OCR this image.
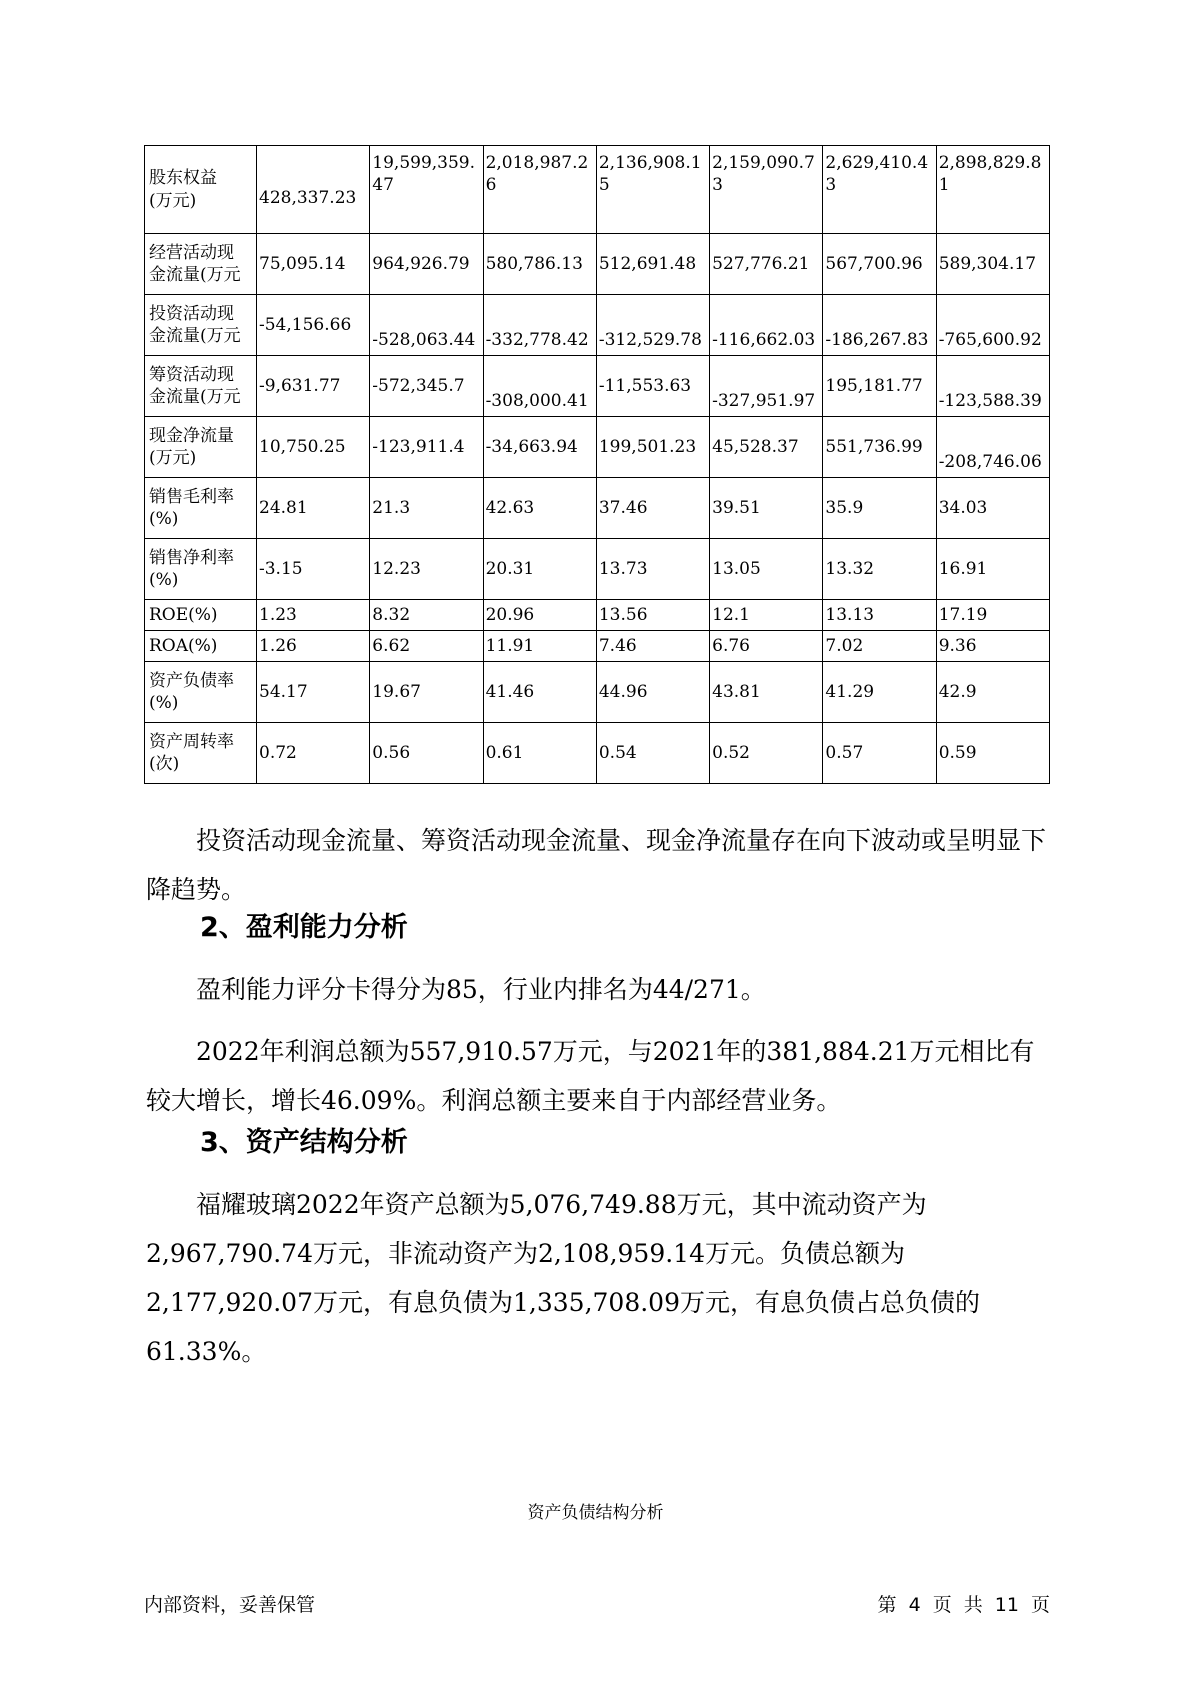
股东权益
(万元)	428,337.23	19,599,359.47	2,018,987.26	2,136,908.15	2,159,090.73	2,629,410.43	2,898,829.81

经营活动现
金流量(万元	75,095.14	964,926.79	580,786.13	512,691.48	527,776.21	567,700.96	589,304.17

投资活动现
金流量(万元	-54,156.66	-528,063.44	-332,778.42	-312,529.78	-116,662.03	-186,267.83	-765,600.92

筹资活动现
金流量(万元	-9,631.77	-572,345.7	-308,000.41	-11,553.63	-327,951.97	195,181.77	-123,588.39

现金净流量
(万元)	10,750.25	-123,911.4	-34,663.94	199,501.23	45,528.37	551,736.99	-208,746.06

销售毛利率
(%)	24.81	21.3	42.63	37.46	39.51	35.9	34.03

销售净利率
(%)	-3.15	12.23	20.31	13.73	13.05	13.32	16.91

ROE(%)	1.23	8.32	20.96	13.56	12.1	13.13	17.19

ROA(%)	1.26	6.62	11.91	7.46	6.76	7.02	9.36

资产负债率
(%)	54.17	19.67	41.46	44.96	43.81	41.29	42.9

资产周转率
(次)	0.72	0.56	0.61	0.54	0.52	0.57	0.59

投资活动现金流量、筹资活动现金流量、现金净流量存在向下波动或呈明显下降趋势。

2、盈利能力分析

盈利能力评分卡得分为85，行业内排名为44/271。

2022年利润总额为557,910.57万元，与2021年的381,884.21万元相比有较大增长，增长46.09%。利润总额主要来自于内部经营业务。

3、资产结构分析

福耀玻璃2022年资产总额为5,076,749.88万元，其中流动资产为2,967,790.74万元，非流动资产为2,108,959.14万元。负债总额为2,177,920.07万元，有息负债为1,335,708.09万元，有息负债占总负债的61.33%。

资产负债结构分析
内部资料，妥善保管	第 4 页 共 11 页
